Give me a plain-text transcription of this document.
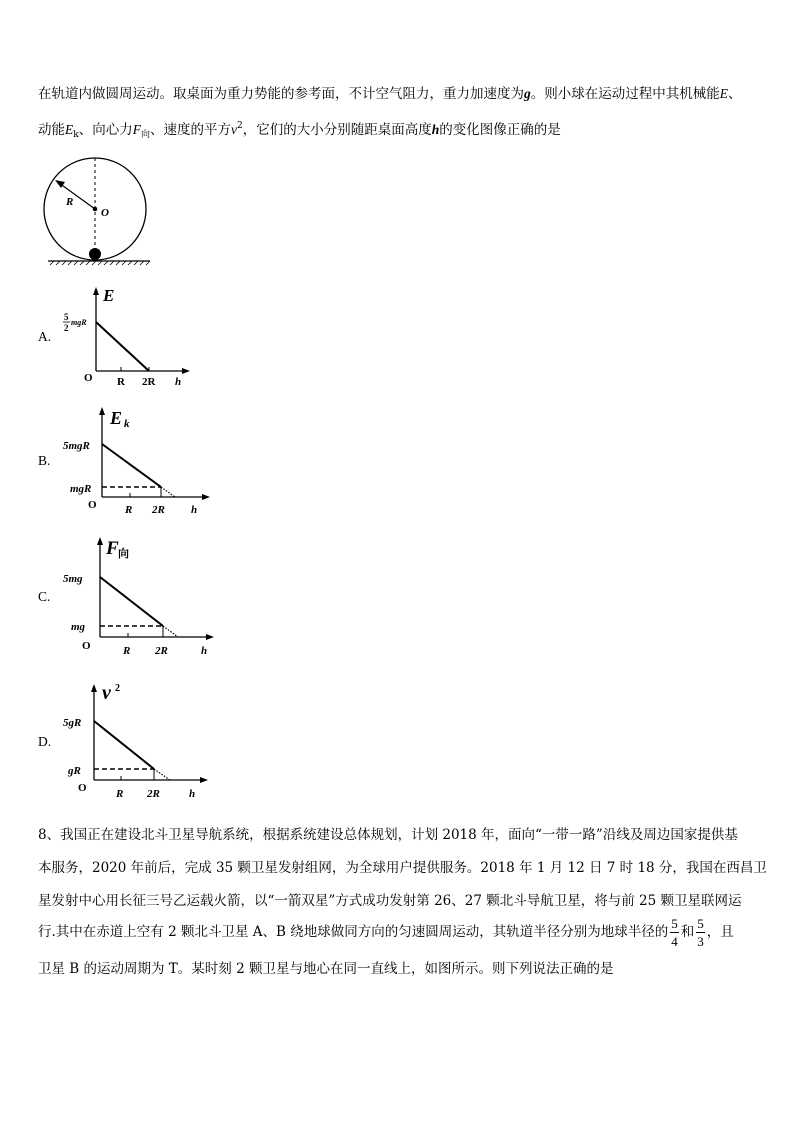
在轨道内做圆周运动。取桌面为重力势能的参考面，不计空气阻力，重力加速度为g。则小球在运动过程中其机械能E、
动能$E_k$、向心力$F_向$、速度的平方$v^2$，它们的大小分别随距桌面高度h的变化图像正确的是
R
O
A.
E
5
2
mgR
O R 2R h
B.
E k
5mgR
mgR
O	R 2R h
C.
F 向
5mg
mg
O	R 2R	h
D.
v 2
5gR
gR
O	R 2R	h
8、我国正在建设北斗卫星导航系统，根据系统建设总体规划，计划 2018 年，面向“一带一路”沿线及周边国家提供基
本服务，2020 年前后，完成 35 颗卫星发射组网，为全球用户提供服务。2018 年 1 月 12 日 7 时 18 分，我国在西昌卫
星发射中心用长征三号乙运载火箭，以“一箭双星”方式成功发射第 26、27 颗北斗导航卫星，将与前 25 颗卫星联网运
行.其中在赤道上空有 2 颗北斗卫星 A、B 绕地球做同方向的匀速圆周运动，其轨道半径分别为地球半径的 $\frac{5}{4}$ 和 $\frac{5}{3}$ ，且
卫星 B 的运动周期为 T。某时刻 2 颗卫星与地心在同一直线上，如图所示。则下列说法正确的是
